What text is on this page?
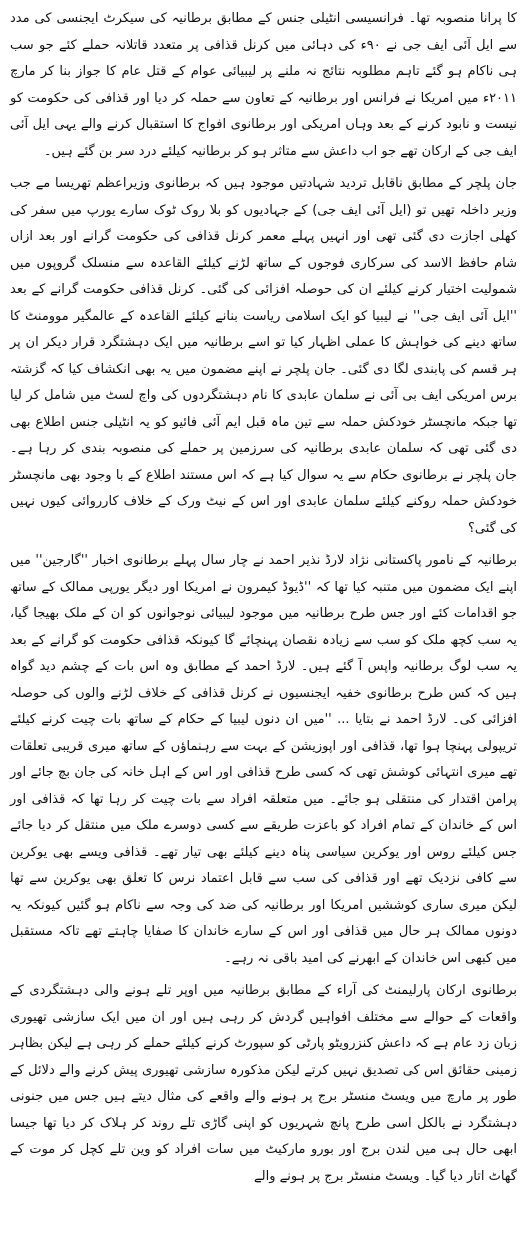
کا پرانا منصوبہ تھا۔ فرانسیسی انٹیلی جنس کے مطابق برطانیہ کی سیکرٹ ایجنسی کی مدد سے ایل آئی ایف جی نے ۹۰ء کی دہائی میں کرنل قذافی پر متعدد قاتلانہ حملے کئے جو سب ہی ناکام ہو گئے تاہم مطلوبہ نتائج نہ ملنے پر لیبیائی عوام کے قتل عام کا جواز بنا کر مارچ ۲۰۱۱ء میں امریکا نے فرانس اور برطانیہ کے تعاون سے حملہ کر دیا اور قذافی کی حکومت کو نیست و نابود کرنے کے بعد وہاں امریکی اور برطانوی افواج کا استقبال کرنے والے یہی ایل آئی ایف جی کے ارکان تھے جو اب داعش سے متاثر ہو کر برطانیہ کیلئے درد سر بن گئے ہیں۔

جان پلچر کے مطابق ناقابل تردید شہادتیں موجود ہیں کہ برطانوی وزیراعظم تھریسا مے جب وزیر داخلہ تھیں تو (ایل آئی ایف جی) کے جہادیوں کو بلا روک ٹوک سارے یورپ میں سفر کی کھلی اجازت دی گئی تھی اور انہیں پہلے معمر کرنل قذافی کی حکومت گرانے اور بعد ازاں شام حافظ الاسد کی سرکاری فوجوں کے ساتھ لڑنے کیلئے القاعدہ سے منسلک گروپوں میں شمولیت اختیار کرنے کیلئے ان کی حوصلہ افزائی کی گئی۔ کرنل قذافی حکومت گرانے کے بعد ''ایل آئی ایف جی'' نے لیبیا کو ایک اسلامی ریاست بنانے کیلئے القاعدہ کے عالمگیر موومنٹ کا ساتھ دینے کی خواہش کا عملی اظہار کیا تو اسے برطانیہ میں ایک دہشتگرد قرار دیکر ان پر ہر قسم کی پابندی لگا دی گئی۔ جان پلچر نے اپنے مضمون میں یہ بھی انکشاف کیا کہ گزشتہ برس امریکی ایف بی آئی نے سلمان عابدی کا نام دہشتگردوں کی واچ لسٹ میں شامل کر لیا تھا جبکہ مانچسٹر خودکش حملہ سے تین ماہ قبل ایم آئی فائیو کو یہ انٹیلی جنس اطلاع بھی دی گئی تھی کہ سلمان عابدی برطانیہ کی سرزمین پر حملے کی منصوبہ بندی کر رہا ہے۔ جان پلچر نے برطانوی حکام سے یہ سوال کیا ہے کہ اس مستند اطلاع کے با وجود بھی مانچسٹر خودکش حملہ روکنے کیلئے سلمان عابدی اور اس کے نیٹ ورک کے خلاف کارروائی کیوں نہیں کی گئی؟

برطانیہ کے نامور پاکستانی نژاد لارڈ نذیر احمد نے چار سال پہلے برطانوی اخبار ''گارجین'' میں اپنے ایک مضمون میں متنبہ کیا تھا کہ ''ڈیوڈ کیمرون نے امریکا اور دیگر یورپی ممالک کے ساتھ جو اقدامات کئے اور جس طرح برطانیہ میں موجود لیبیائی نوجوانوں کو ان کے ملک بھیجا گیا، یہ سب کچھ ملک کو سب سے زیادہ نقصان پہنچائے گا کیونکہ قذافی حکومت کو گرانے کے بعد یہ سب لوگ برطانیہ واپس آ گئے ہیں۔ لارڈ احمد کے مطابق وہ اس بات کے چشم دید گواہ ہیں کہ کس طرح برطانوی خفیہ ایجنسیوں نے کرنل قذافی کے خلاف لڑنے والوں کی حوصلہ افزائی کی۔ لارڈ احمد نے بتایا ... ''میں ان دنوں لیبیا کے حکام کے ساتھ بات چیت کرنے کیلئے تریپولی پہنچا ہوا تھا، قذافی اور اپوزیشن کے بہت سے رہنماؤں کے ساتھ میری قریبی تعلقات تھے میری انتہائی کوشش تھی کہ کسی طرح قذافی اور اس کے اہل خانہ کی جان بچ جائے اور پرامن اقتدار کی منتقلی ہو جائے۔ میں متعلقہ افراد سے بات چیت کر رہا تھا کہ قذافی اور اس کے خاندان کے تمام افراد کو باعزت طریقے سے کسی دوسرے ملک میں منتقل کر دیا جائے جس کیلئے روس اور یوکرین سیاسی پناہ دینے کیلئے بھی تیار تھے۔ قذافی ویسے بھی یوکرین سے کافی نزدیک تھے اور قذافی کی سب سے قابل اعتماد نرس کا تعلق بھی یوکرین سے تھا لیکن میری ساری کوششیں امریکا اور برطانیہ کی ضد کی وجہ سے ناکام ہو گئیں کیونکہ یہ دونوں ممالک ہر حال میں قذافی اور اس کے سارے خاندان کا صفایا چاہتے تھے تاکہ مستقبل میں کبھی اس خاندان کے ابھرنے کی امید باقی نہ رہے۔

برطانوی ارکان پارلیمنٹ کی آراء کے مطابق برطانیہ میں اوپر تلے ہونے والی دہشتگردی کے واقعات کے حوالے سے مختلف افواہیں گردش کر رہی ہیں اور ان میں ایک سازشی تھیوری زبان زد عام ہے کہ داعش کنزرویٹو پارٹی کو سپورٹ کرنے کیلئے حملے کر رہی ہے لیکن بظاہر زمینی حقائق اس کی تصدیق نہیں کرتے لیکن مذکورہ سازشی تھیوری پیش کرنے والے دلائل کے طور پر مارچ میں ویسٹ منسٹر برج پر ہونے والے واقعے کی مثال دیتے ہیں جس میں جنونی دہشتگرد نے بالکل اسی طرح پانچ شہریوں کو اپنی گاڑی تلے روند کر ہلاک کر دیا تھا جیسا ابھی حال ہی میں لندن برج اور بورو مارکیٹ میں سات افراد کو وین تلے کچل کر موت کے گھاٹ اتار دیا گیا۔ ویسٹ منسٹر برج پر ہونے والے
